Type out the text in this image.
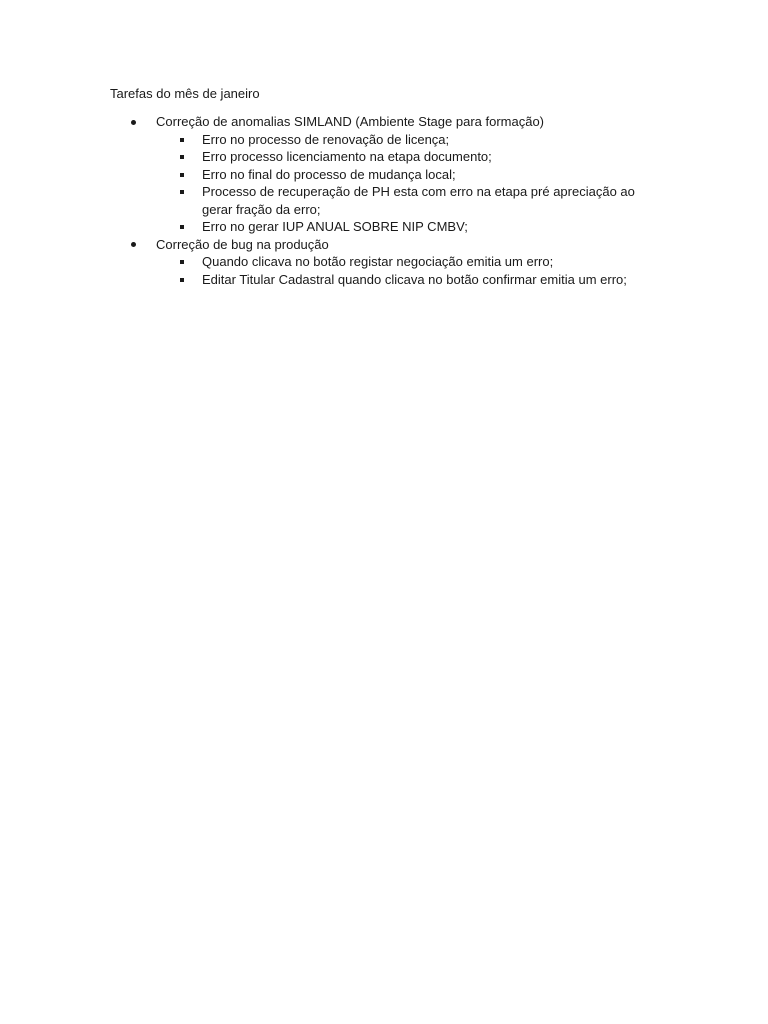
Tarefas do mês de janeiro
Correção de anomalias SIMLAND (Ambiente Stage para formação)
Erro no processo de renovação de licença;
Erro processo licenciamento na etapa documento;
Erro no final do processo de mudança local;
Processo de recuperação de PH esta com erro na etapa pré apreciação ao gerar fração da erro;
Erro no gerar IUP ANUAL SOBRE NIP CMBV;
Correção de bug na produção
Quando clicava no botão registar negociação emitia um erro;
Editar Titular Cadastral quando clicava no botão confirmar emitia um erro;
